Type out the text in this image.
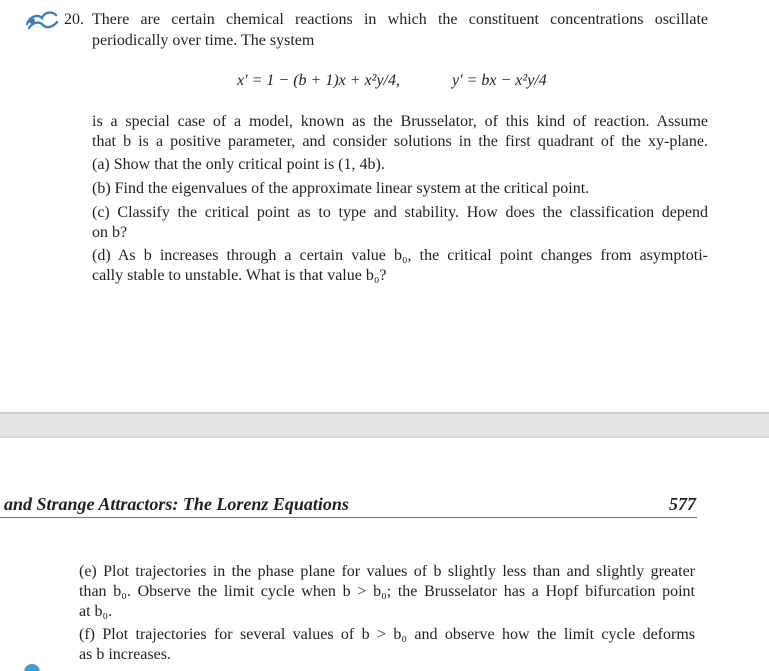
20. There are certain chemical reactions in which the constituent concentrations oscillate
periodically over time. The system
x′ = 1 − (b + 1)x + x²y/4,	y′ = bx − x²y/4
is a special case of a model, known as the Brusselator, of this kind of reaction. Assume
that b is a positive parameter, and consider solutions in the first quadrant of the xy-plane.
(a) Show that the only critical point is (1, 4b).
(b) Find the eigenvalues of the approximate linear system at the critical point.
(c) Classify the critical point as to type and stability. How does the classification depend
on b?
(d) As b increases through a certain value b₀, the critical point changes from asymptoti-
cally stable to unstable. What is that value b₀?
and Strange Attractors: The Lorenz Equations	577
(e) Plot trajectories in the phase plane for values of b slightly less than and slightly greater
than b₀. Observe the limit cycle when b > b₀; the Brusselator has a Hopf bifurcation point
at b₀.
(f) Plot trajectories for several values of b > b₀ and observe how the limit cycle deforms
as b increases.
